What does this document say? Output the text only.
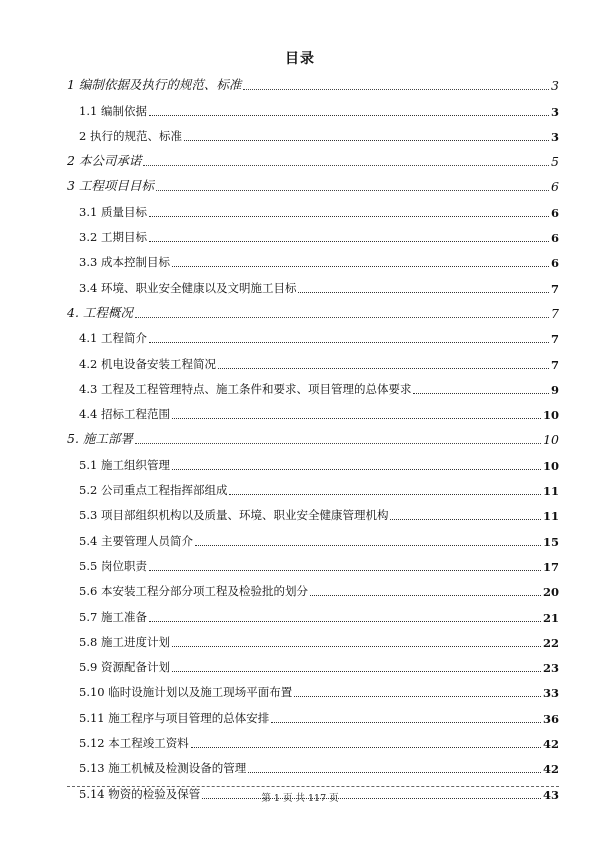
目录
1 编制依据及执行的规范、标准	3
1.1 编制依据	3
2 执行的规范、标准	3
2 本公司承诺	5
3 工程项目目标	6
3.1 质量目标	6
3.2 工期目标	6
3.3 成本控制目标	6
3.4 环境、职业安全健康以及文明施工目标	7
4. 工程概况	7
4.1 工程简介	7
4.2 机电设备安装工程简况	7
4.3 工程及工程管理特点、施工条件和要求、项目管理的总体要求	9
4.4 招标工程范围	10
5. 施工部署	10
5.1 施工组织管理	10
5.2 公司重点工程指挥部组成	11
5.3 项目部组织机构以及质量、环境、职业安全健康管理机构	11
5.4 主要管理人员简介	15
5.5 岗位职责	17
5.6 本安装工程分部分项工程及检验批的划分	20
5.7 施工准备	21
5.8 施工进度计划	22
5.9 资源配备计划	23
5.10 临时设施计划以及施工现场平面布置	33
5.11 施工程序与项目管理的总体安排	36
5.12 本工程竣工资料	42
5.13 施工机械及检测设备的管理	42
5.14 物资的检验及保管	43
第 1 页 共 117 页
